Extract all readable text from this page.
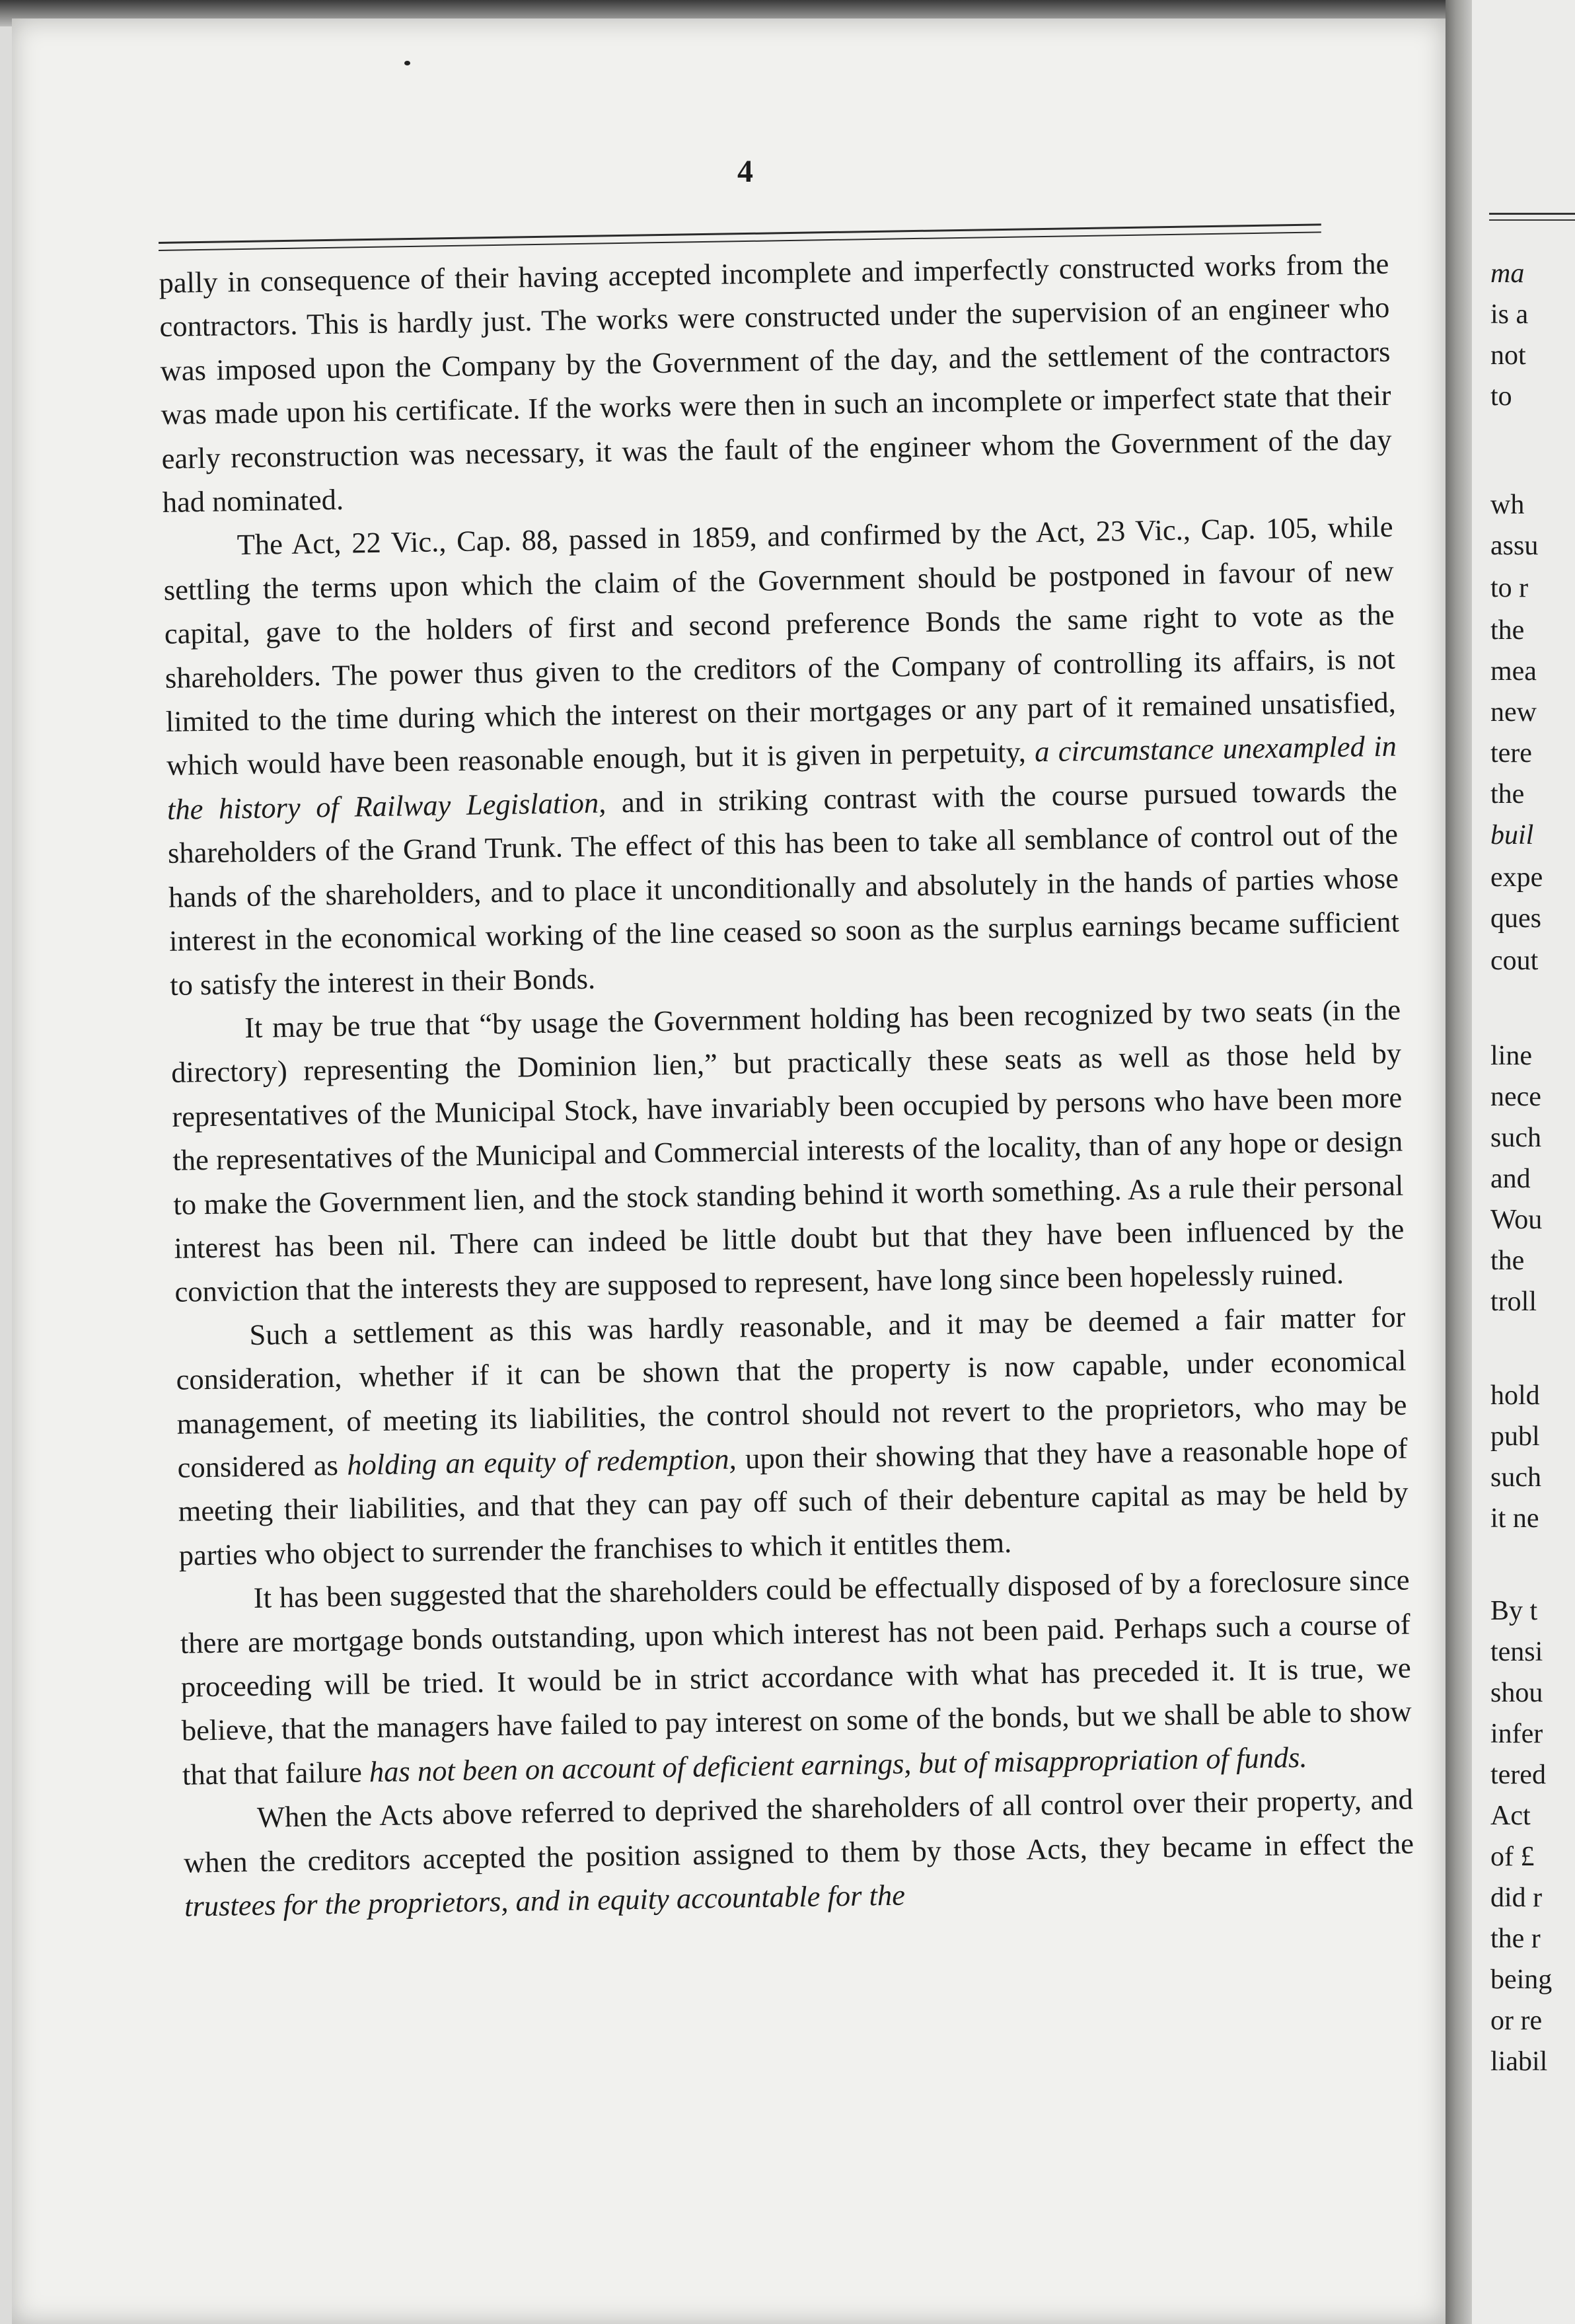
4

pally in consequence of their having accepted incomplete and imperfectly constructed works from the contractors. This is hardly just. The works were constructed under the supervision of an engineer who was imposed upon the Company by the Government of the day, and the settlement of the contractors was made upon his certificate. If the works were then in such an incomplete or imperfect state that their early reconstruction was necessary, it was the fault of the engineer whom the Government of the day had nominated.

The Act, 22 Vic., Cap. 88, passed in 1859, and confirmed by the Act, 23 Vic., Cap. 105, while settling the terms upon which the claim of the Government should be postponed in favour of new capital, gave to the holders of first and second preference Bonds the same right to vote as the shareholders. The power thus given to the creditors of the Company of controlling its affairs, is not limited to the time during which the interest on their mortgages or any part of it remained unsatisfied, which would have been reasonable enough, but it is given in perpetuity, a circumstance unexampled in the history of Railway Legislation, and in striking contrast with the course pursued towards the shareholders of the Grand Trunk. The effect of this has been to take all semblance of control out of the hands of the shareholders, and to place it unconditionally and absolutely in the hands of parties whose interest in the economical working of the line ceased so soon as the surplus earnings became sufficient to satisfy the interest in their Bonds.

It may be true that “by usage the Government holding has been recognized by two seats (in the directory) representing the Dominion lien,” but practically these seats as well as those held by representatives of the Municipal Stock, have invariably been occupied by persons who have been more the representatives of the Municipal and Commercial interests of the locality, than of any hope or design to make the Government lien, and the stock standing behind it worth something. As a rule their personal interest has been nil. There can indeed be little doubt but that they have been influenced by the conviction that the interests they are supposed to represent, have long since been hopelessly ruined.

Such a settlement as this was hardly reasonable, and it may be deemed a fair matter for consideration, whether if it can be shown that the property is now capable, under economical management, of meeting its liabilities, the control should not revert to the proprietors, who may be considered as holding an equity of redemption, upon their showing that they have a reasonable hope of meeting their liabilities, and that they can pay off such of their debenture capital as may be held by parties who object to surrender the franchises to which it entitles them.

It has been suggested that the shareholders could be effectually disposed of by a foreclosure since there are mortgage bonds outstanding, upon which interest has not been paid. Perhaps such a course of proceeding will be tried. It would be in strict accordance with what has preceded it. It is true, we believe, that the managers have failed to pay interest on some of the bonds, but we shall be able to show that that failure has not been on account of deficient earnings, but of misappropriation of funds.

When the Acts above referred to deprived the shareholders of all control over their property, and when the creditors accepted the position assigned to them by those Acts, they became in effect the trustees for the proprietors, and in equity accountable for the

ma
is a
not
to
wh
assu
to r
the
mea
new
tere
the
buil
expe
ques
cout
line
nece
such
and
Wou
the
troll
hold
publ
such
it ne
By t
tensi
shou
infer
tered
Act
of £
did r
the r
being
or re
liabil
